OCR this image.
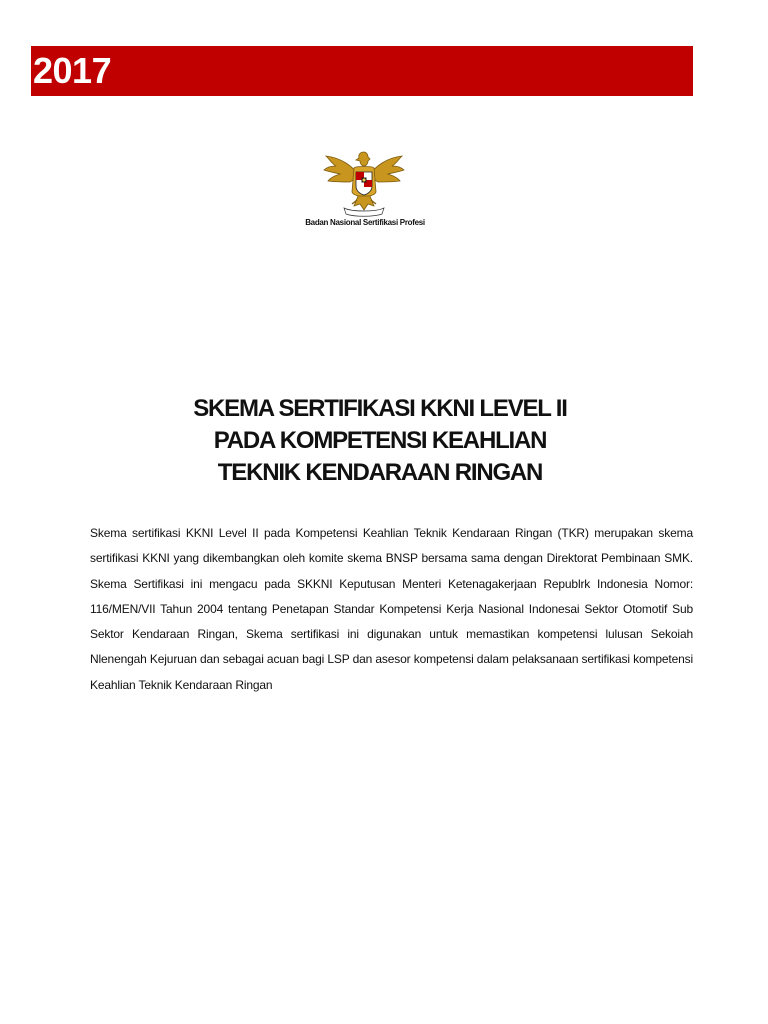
2017
Badan Nasional Sertifikasi Profesi
SKEMA SERTIFIKASI KKNI LEVEL II
PADA KOMPETENSI KEAHLIAN
TEKNIK KENDARAAN RINGAN
Skema sertifikasi KKNI Level II pada Kompetensi Keahlian Teknik Kendaraan Ringan (TKR) merupakan skema sertifikasi KKNI yang dikembangkan oleh komite skema BNSP bersama sama dengan Direktorat Pembinaan SMK. Skema Sertifikasi ini mengacu pada SKKNI Keputusan Menteri Ketenagakerjaan Republrk Indonesia Nomor: 116/MEN/VII Tahun 2004 tentang Penetapan Standar Kompetensi Kerja Nasional Indonesai Sektor Otomotif Sub Sektor Kendaraan Ringan, Skema sertifikasi ini digunakan untuk memastikan kompetensi lulusan Sekoiah Nlenengah Kejuruan dan sebagai acuan bagi LSP dan asesor kompetensi dalam pelaksanaan sertifikasi kompetensi Keahlian Teknik Kendaraan Ringan
